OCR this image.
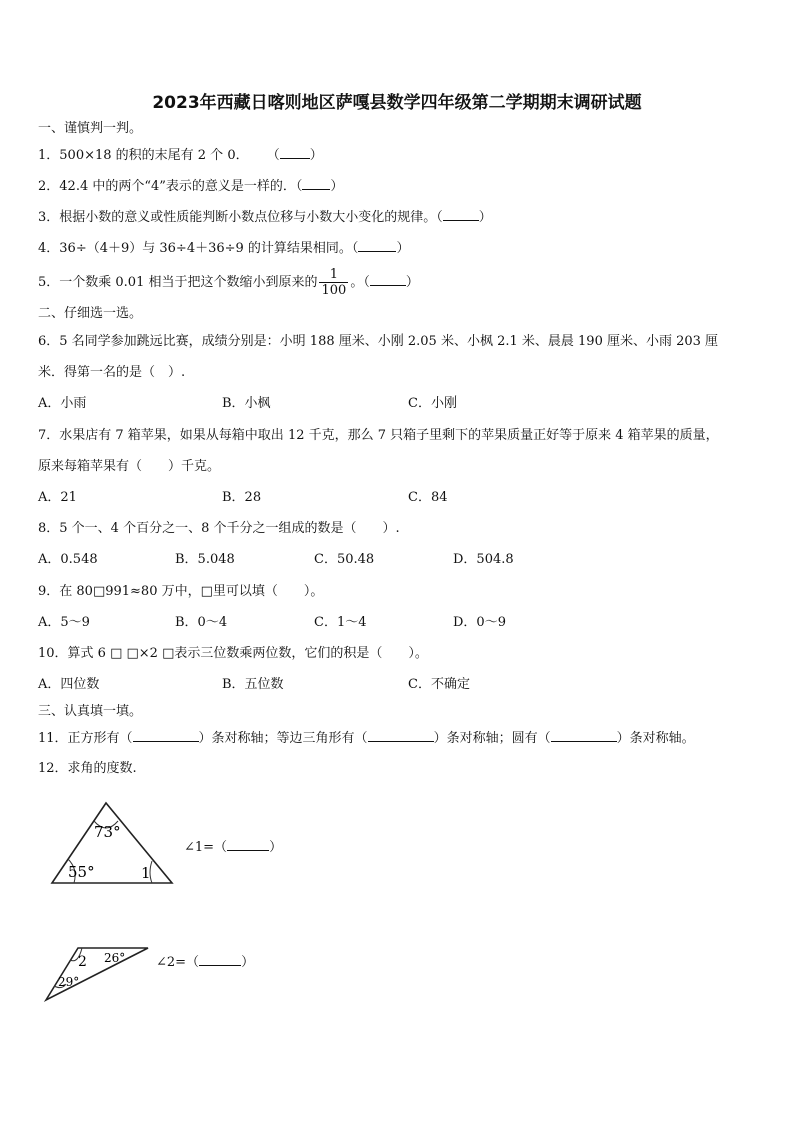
2023年西藏日喀则地区萨嘎县数学四年级第二学期期末调研试题
一、谨慎判一判。
1．500×18 的积的末尾有 2 个 0． （ ）
2．42.4 中的两个“4”表示的意义是一样的．（ ）
3．根据小数的意义或性质能判断小数点位移与小数大小变化的规律。（	）
4．36÷（4＋9）与 36÷4＋36÷9 的计算结果相同。（	）
5．一个数乘 0.01 相当于把这个数缩小到原来的 $\frac{1}{100}$ 。（	）
二、仔细选一选。
6．5 名同学参加跳远比赛，成绩分别是：小明 188 厘米、小刚 2.05 米、小枫 2.1 米、晨晨 190 厘米、小雨 203 厘
米．得第一名的是（　）.
A．小雨	B．小枫	C．小刚
7．水果店有 7 箱苹果，如果从每箱中取出 12 千克，那么 7 只箱子里剩下的苹果质量正好等于原来 4 箱苹果的质量，
原来每箱苹果有（　　）千克。
A．21	B．28	C．84
8．5 个一、4 个百分之一、8 个千分之一组成的数是（　　）.
A．0.548	B．5.048	C．50.48	D．504.8
9．在 80□991≈80 万中，□里可以填（　　）。
A．5～9	B．0～4	C．1～4	D．0～9
10．算式 6 □ □×2 □表示三位数乘两位数，它们的积是（　　）。
A．四位数	B．五位数	C．不确定
三、认真填一填。
11．正方形有（	）条对称轴；等边三角形有（	）条对称轴；圆有（	）条对称轴。
12．求角的度数.
73°
55°	1
∠1=（	）
2 26°
29°
∠2=（	）
